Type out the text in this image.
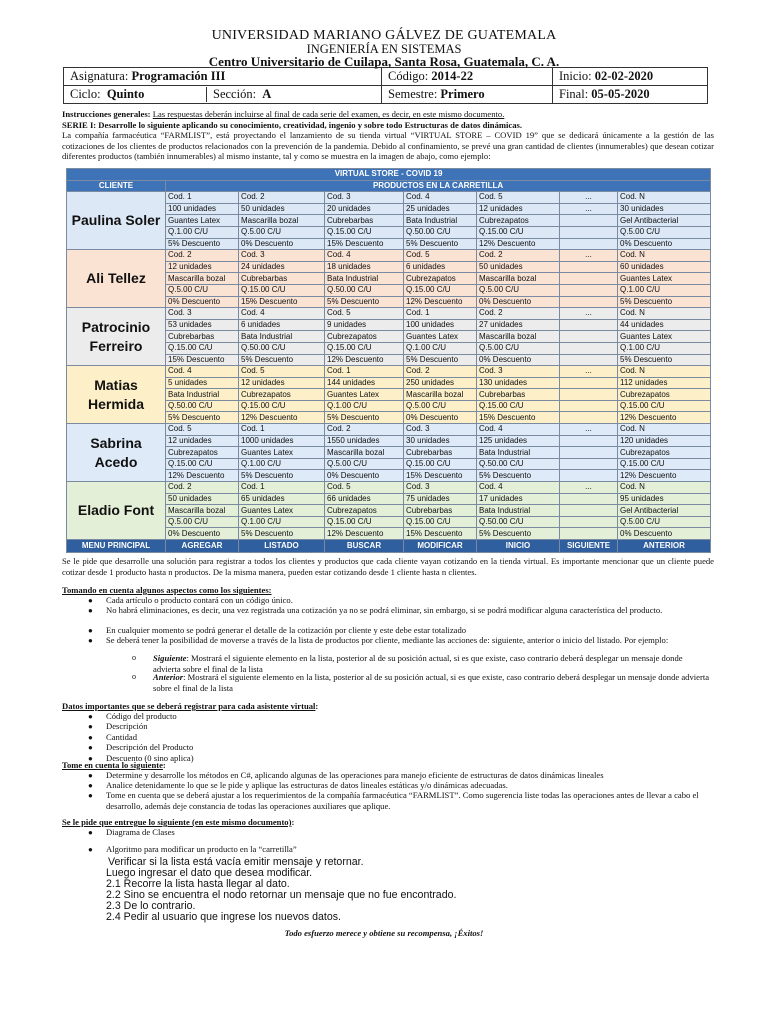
UNIVERSIDAD MARIANO GÁLVEZ DE GUATEMALA
INGENIERÍA EN SISTEMAS
Centro Universitario de Cuilapa, Santa Rosa, Guatemala, C. A.
Asignatura: Programación III	Código: 2014-22	Inicio: 02-02-2020

Ciclo: Quinto Sección: A	Semestre: Primero	Final: 05-05-2020
Instrucciones generales: Las respuestas deberán incluirse al final de cada serie del examen, es decir, en este mismo documento.
SERIE I: Desarrolle lo siguiente aplicando su conocimiento, creatividad, ingenio y sobre todo Estructuras de datos dinámicas.
La compañía farmacéutica “FARMLIST”, está proyectando el lanzamiento de su tienda virtual “VIRTUAL STORE – COVID 19” que se dedicará únicamente a la gestión de las cotizaciones de los clientes de productos relacionados con la prevención de la pandemia. Debido al confinamiento, se prevé una gran cantidad de clientes (innumerables) que desean cotizar diferentes productos (también innumerables) al mismo instante, tal y como se muestra en la imagen de abajo, como ejemplo:
VIRTUAL STORE - COVID 19							
CLIENTE	PRODUCTOS EN LA CARRETILLA						
Paulina Soler	Cod. 1	Cod. 2	Cod. 3	Cod. 4	Cod. 5	...	Cod. N
	100 unidades	50 unidades	20 unidades	25 unidades	12 unidades	...	30 unidades
	Guantes Latex	Mascarilla bozal	Cubrebarbas	Bata Industrial	Cubrezapatos		Gel Antibacterial
	Q.1.00 C/U	Q.5.00 C/U	Q.15.00 C/U	Q.50.00 C/U	Q.15.00 C/U		Q.5.00 C/U
	5% Descuento	0% Descuento	15% Descuento	5% Descuento	12% Descuento		0% Descuento
Ali Tellez	Cod. 2	Cod. 3	Cod. 4	Cod. 5	Cod. 2	...	Cod. N
	12 unidades	24 unidades	18 unidades	6 unidades	50 unidades		60 unidades
	Mascarilla bozal	Cubrebarbas	Bata Industrial	Cubrezapatos	Mascarilla bozal		Guantes Latex
	Q.5.00 C/U	Q.15.00 C/U	Q.50.00 C/U	Q.15.00 C/U	Q.5.00 C/U		Q.1.00 C/U
	0% Descuento	15% Descuento	5% Descuento	12% Descuento	0% Descuento		5% Descuento
Patrocinio Ferreiro	Cod. 3	Cod. 4	Cod. 5	Cod. 1	Cod. 2	...	Cod. N
	53 unidades	6 unidades	9 unidades	100 unidades	27 unidades		44 unidades
	Cubrebarbas	Bata Industrial	Cubrezapatos	Guantes Latex	Mascarilla bozal		Guantes Latex
	Q.15.00 C/U	Q.50.00 C/U	Q.15.00 C/U	Q.1.00 C/U	Q.5.00 C/U		Q.1.00 C/U
	15% Descuento	5% Descuento	12% Descuento	5% Descuento	0% Descuento		5% Descuento
Matias Hermida	Cod. 4	Cod. 5	Cod. 1	Cod. 2	Cod. 3	...	Cod. N
	5 unidades	12 unidades	144 unidades	250 unidades	130 unidades		112 unidades
	Bata Industrial	Cubrezapatos	Guantes Latex	Mascarilla bozal	Cubrebarbas		Cubrezapatos
	Q.50.00 C/U	Q.15.00 C/U	Q.1.00 C/U	Q.5.00 C/U	Q.15.00 C/U		Q.15.00 C/U
	5% Descuento	12% Descuento	5% Descuento	0% Descuento	15% Descuento		12% Descuento
Sabrina Acedo	Cod. 5	Cod. 1	Cod. 2	Cod. 3	Cod. 4	...	Cod. N
	12 unidades	1000 unidades	1550 unidades	30 unidades	125 unidades		120 unidades
	Cubrezapatos	Guantes Latex	Mascarilla bozal	Cubrebarbas	Bata Industrial		Cubrezapatos
	Q.15.00 C/U	Q.1.00 C/U	Q.5.00 C/U	Q.15.00 C/U	Q.50.00 C/U		Q.15.00 C/U
	12% Descuento	5% Descuento	0% Descuento	15% Descuento	5% Descuento		12% Descuento
Eladio Font	Cod. 2	Cod. 1	Cod. 5	Cod. 3	Cod. 4	...	Cod. N
	50 unidades	65 unidades	66 unidades	75 unidades	17 unidades		95 unidades
	Mascarilla bozal	Guantes Latex	Cubrezapatos	Cubrebarbas	Bata Industrial		Gel Antibacterial
	Q.5.00 C/U	Q.1.00 C/U	Q.15.00 C/U	Q.15.00 C/U	Q.50.00 C/U		Q.5.00 C/U
	0% Descuento	5% Descuento	12% Descuento	15% Descuento	5% Descuento		0% Descuento
MENU PRINCIPAL	AGREGAR	LISTADO	BUSCAR	MODIFICAR	INICIO	SIGUIENTE	ANTERIOR
Se le pide que desarrolle una solución para registrar a todos los clientes y productos que cada cliente vayan cotizando en la tienda virtual. Es importante mencionar que un cliente puede cotizar desde 1 producto hasta n productos. De la misma manera, pueden estar cotizando desde 1 cliente hasta n clientes.
Tomando en cuenta algunos aspectos como los siguientes:
● Cada artículo o producto contará con un código único.
● No habrá eliminaciones, es decir, una vez registrada una cotización ya no se podrá eliminar, sin embargo, si se podrá modificar alguna característica del producto.
● En cualquier momento se podrá generar el detalle de la cotización por cliente y este debe estar totalizado
● Se deberá tener la posibilidad de moverse a través de la lista de productos por cliente, mediante las acciones de: siguiente, anterior o inicio del listado. Por ejemplo:
Siguiente: Mostrará el siguiente elemento en la lista, posterior al de su posición actual, si es que existe, caso contrario deberá desplegar un mensaje donde advierta sobre el final de la lista
o
Anterior: Mostrará el siguiente elemento en la lista, posterior al de su posición actual, si es que existe, caso contrario deberá desplegar un mensaje donde advierta sobre el final de la lista
o
Datos importantes que se deberá registrar para cada asistente virtual:
● Código del producto
● Descripción
● Cantidad
● Descripción del Producto
● Descuento (0 sino aplica)
Tome en cuenta lo siguiente:
● Determine y desarrolle los métodos en C#, aplicando algunas de las operaciones para manejo eficiente de estructuras de datos dinámicas lineales
● Analice detenidamente lo que se le pide y aplique las estructuras de datos lineales estáticas y/o dinámicas adecuadas.
● Tome en cuenta que se deberá ajustar a los requerimientos de la compañía farmacéutica “FARMLIST”. Como sugerencia liste todas las operaciones antes de llevar a cabo el desarrollo, además deje constancia de todas las operaciones auxiliares que aplique.
Se le pide que entregue lo siguiente (en este mismo documento):
● Diagrama de Clases
● Algoritmo para modificar un producto en la “carretilla”
Verificar si la lista está vacía emitir mensaje y retornar.
Luego ingresar el dato que desea modificar.
2.1 Recorre la lista hasta llegar al dato.
2.2 Sino se encuentra el nodo retornar un mensaje que no fue encontrado.
2.3 De lo contrario.
2.4 Pedir al usuario que ingrese los nuevos datos.
Todo esfuerzo merece y obtiene su recompensa, ¡Éxitos!
